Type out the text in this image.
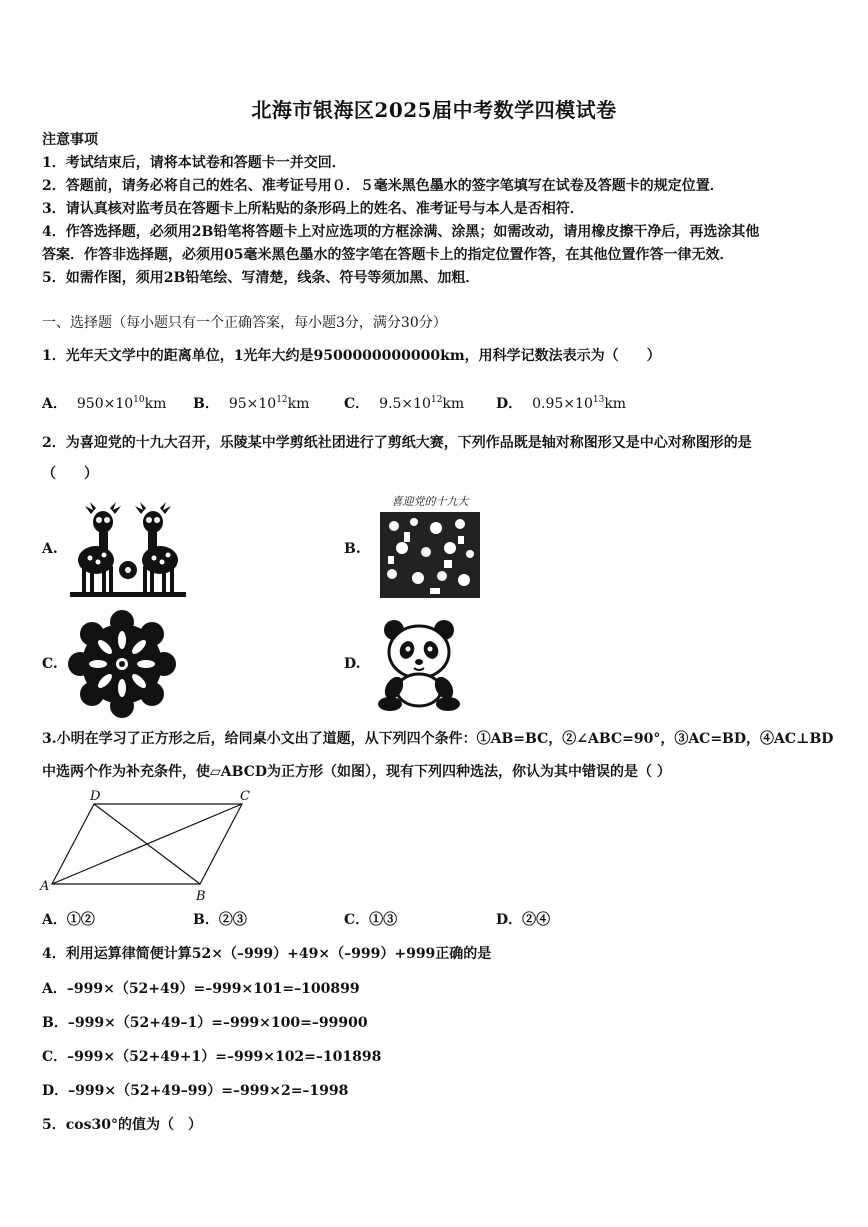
北海市银海区2025届中考数学四模试卷
注意事项
1．考试结束后，请将本试卷和答题卡一并交回．
2．答题前，请务必将自己的姓名、准考证号用０．５毫米黑色墨水的签字笔填写在试卷及答题卡的规定位置．
3．请认真核对监考员在答题卡上所粘贴的条形码上的姓名、准考证号与本人是否相符．
4．作答选择题，必须用2B铅笔将答题卡上对应选项的方框涂满、涂黑；如需改动，请用橡皮擦干净后，再选涂其他
答案．作答非选择题，必须用05毫米黑色墨水的签字笔在答题卡上的指定位置作答，在其他位置作答一律无效．
5．如需作图，须用2B铅笔绘、写清楚，线条、符号等须加黑、加粗．
一、选择题（每小题只有一个正确答案，每小题3分，满分30分）
1．光年天文学中的距离单位，1光年大约是9500000000000km，用科学记数法表示为（　　）
A． $950\times 10^{10}km$ B． $95\times 10^{12}km$ C． $9.5\times 10^{12}km$ D． $0.95\times 10^{13}km$
2．为喜迎党的十九大召开，乐陵某中学剪纸社团进行了剪纸大赛，下列作品既是轴对称图形又是中心对称图形的是
（　　）
A.	B.
喜迎党的十九大
C.	D.
3.小明在学习了正方形之后，给同桌小文出了道题，从下列四个条件：①AB=BC，②∠ABC=90°，③AC=BD，④AC⊥BD
中选两个作为补充条件，使▱ABCD为正方形（如图），现有下列四种选法，你认为其中错误的是（ ）
A
B
C
D
A．①②	B．②③	C．①③	D．②④
4．利用运算律简便计算52×（–999）+49×（–999）+999正确的是
A．–999×（52+49）=–999×101=–100899
B．–999×（52+49–1）=–999×100=–99900
C．–999×（52+49+1）=–999×102=–101898
D．–999×（52+49–99）=–999×2=–1998
5．cos30°的值为（　）
